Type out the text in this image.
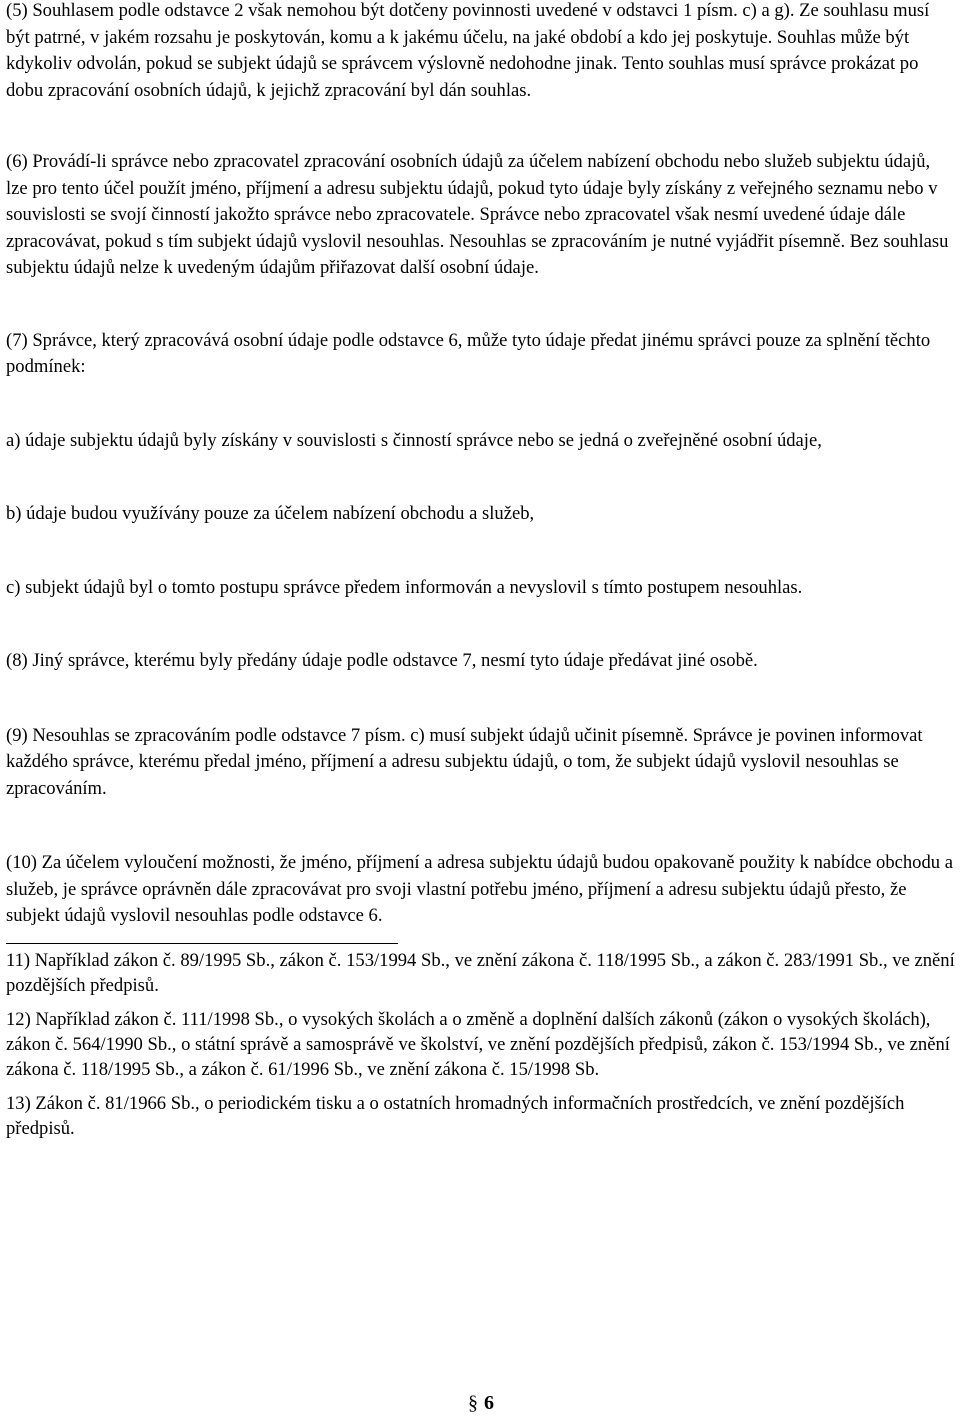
(5) Souhlasem podle odstavce 2 však nemohou být dotčeny povinnosti uvedené v odstavci 1 písm. c) a g). Ze souhlasu musí být patrné, v jakém rozsahu je poskytován, komu a k jakému účelu, na jaké období a kdo jej poskytuje. Souhlas může být kdykoliv odvolán, pokud se subjekt údajů se správcem výslovně nedohodne jinak. Tento souhlas musí správce prokázat po dobu zpracování osobních údajů, k jejichž zpracování byl dán souhlas.

(6) Provádí-li správce nebo zpracovatel zpracování osobních údajů za účelem nabízení obchodu nebo služeb subjektu údajů, lze pro tento účel použít jméno, příjmení a adresu subjektu údajů, pokud tyto údaje byly získány z veřejného seznamu nebo v souvislosti se svojí činností jakožto správce nebo zpracovatele. Správce nebo zpracovatel však nesmí uvedené údaje dále zpracovávat, pokud s tím subjekt údajů vyslovil nesouhlas. Nesouhlas se zpracováním je nutné vyjádřit písemně. Bez souhlasu subjektu údajů nelze k uvedeným údajům přiřazovat další osobní údaje.

(7) Správce, který zpracovává osobní údaje podle odstavce 6, může tyto údaje předat jinému správci pouze za splnění těchto podmínek:

a) údaje subjektu údajů byly získány v souvislosti s činností správce nebo se jedná o zveřejněné osobní údaje,

b) údaje budou využívány pouze za účelem nabízení obchodu a služeb,

c) subjekt údajů byl o tomto postupu správce předem informován a nevyslovil s tímto postupem nesouhlas.

(8) Jiný správce, kterému byly předány údaje podle odstavce 7, nesmí tyto údaje předávat jiné osobě.

(9) Nesouhlas se zpracováním podle odstavce 7 písm. c) musí subjekt údajů učinit písemně. Správce je povinen informovat každého správce, kterému předal jméno, příjmení a adresu subjektu údajů, o tom, že subjekt údajů vyslovil nesouhlas se zpracováním.

(10) Za účelem vyloučení možnosti, že jméno, příjmení a adresa subjektu údajů budou opakovaně použity k nabídce obchodu a služeb, je správce oprávněn dále zpracovávat pro svoji vlastní potřebu jméno, příjmení a adresu subjektu údajů přesto, že subjekt údajů vyslovil nesouhlas podle odstavce 6.

11) Například zákon č. 89/1995 Sb., zákon č. 153/1994 Sb., ve znění zákona č. 118/1995 Sb., a zákon č. 283/1991 Sb., ve znění pozdějších předpisů.

12) Například zákon č. 111/1998 Sb., o vysokých školách a o změně a doplnění dalších zákonů (zákon o vysokých školách), zákon č. 564/1990 Sb., o státní správě a samosprávě ve školství, ve znění pozdějších předpisů, zákon č. 153/1994 Sb., ve znění zákona č. 118/1995 Sb., a zákon č. 61/1996 Sb., ve znění zákona č. 15/1998 Sb.

13) Zákon č. 81/1966 Sb., o periodickém tisku a o ostatních hromadných informačních prostředcích, ve znění pozdějších předpisů.

§ 6
